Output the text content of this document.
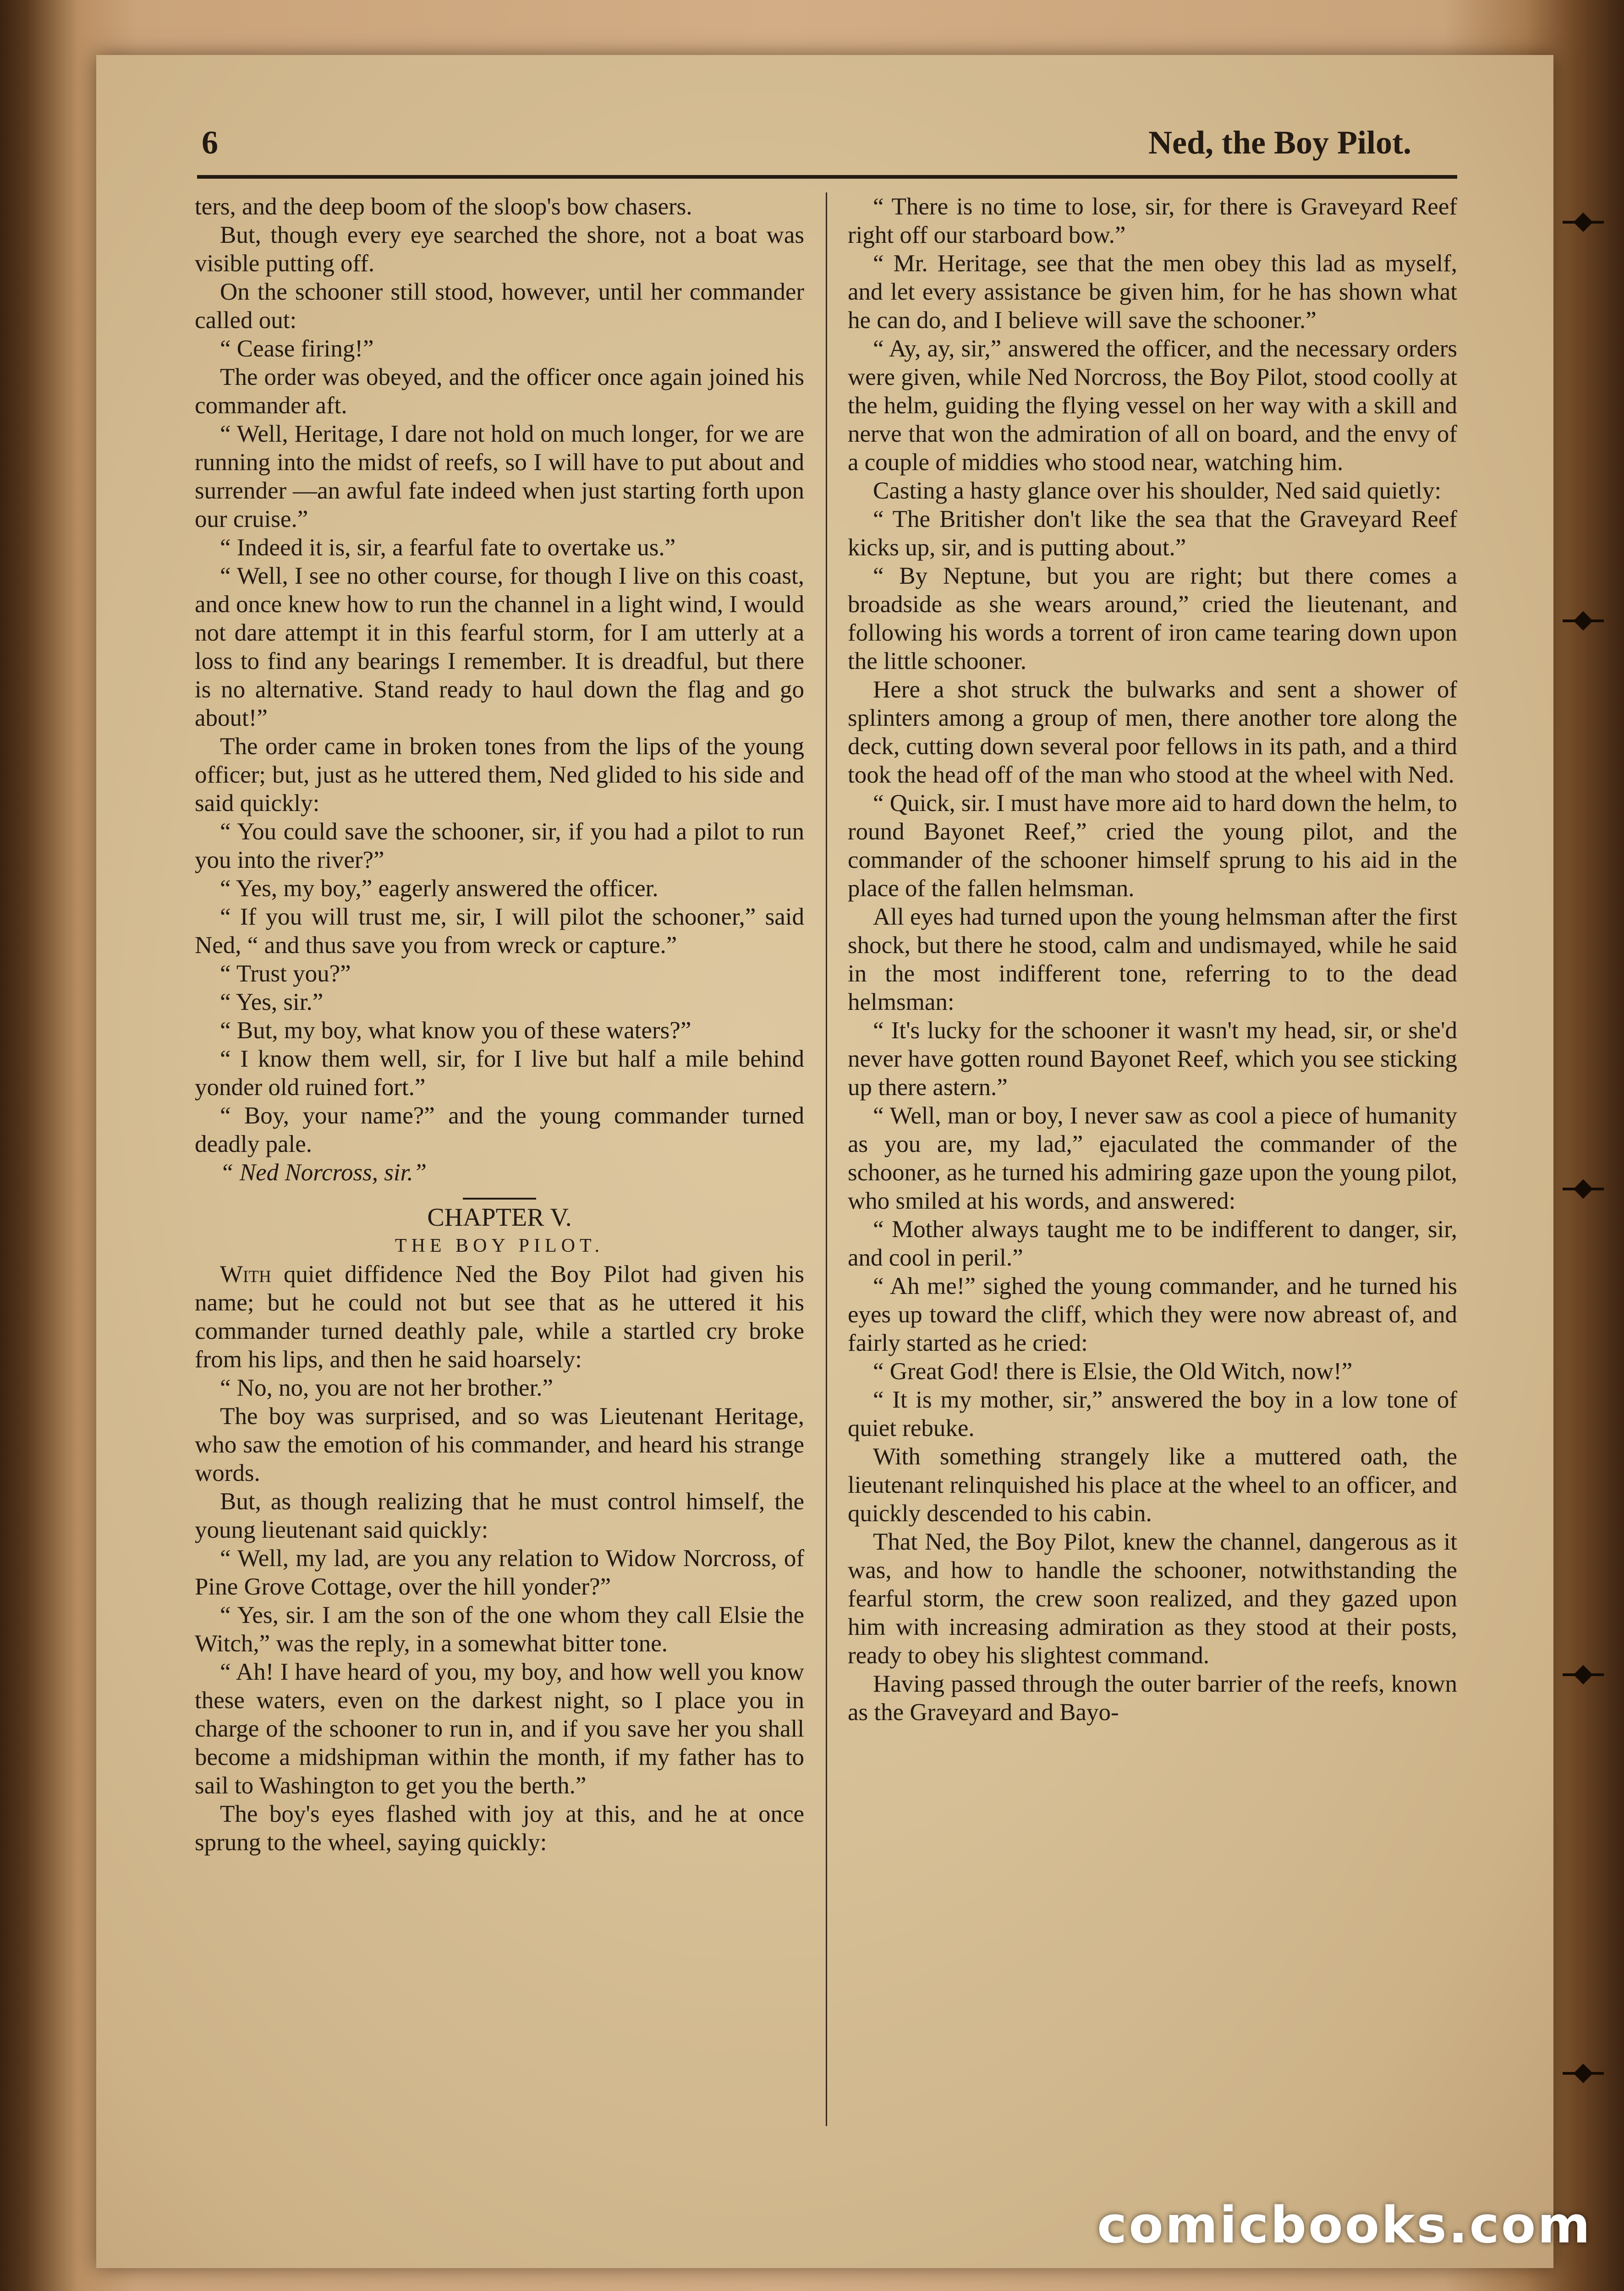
6	Ned, the Boy Pilot.

ters, and the deep boom of the sloop's bow chasers.

But, though every eye searched the shore, not a boat was visible putting off.

On the schooner still stood, however, until her commander called out:

“ Cease firing!”

The order was obeyed, and the officer once again joined his commander aft.

“ Well, Heritage, I dare not hold on much longer, for we are running into the midst of reefs, so I will have to put about and surrender —an awful fate indeed when just starting forth upon our cruise.”

“ Indeed it is, sir, a fearful fate to overtake us.”

“ Well, I see no other course, for though I live on this coast, and once knew how to run the channel in a light wind, I would not dare attempt it in this fearful storm, for I am utterly at a loss to find any bearings I remember. It is dreadful, but there is no alternative. Stand ready to haul down the flag and go about!”

The order came in broken tones from the lips of the young officer; but, just as he uttered them, Ned glided to his side and said quickly:

“ You could save the schooner, sir, if you had a pilot to run you into the river?”

“ Yes, my boy,” eagerly answered the officer.

“ If you will trust me, sir, I will pilot the schooner,” said Ned, “ and thus save you from wreck or capture.”

“ Trust you?”

“ Yes, sir.”

“ But, my boy, what know you of these waters?”

“ I know them well, sir, for I live but half a mile behind yonder old ruined fort.”

“ Boy, your name?” and the young commander turned deadly pale.

“ Ned Norcross, sir.”

CHAPTER V.

THE BOY PILOT.

With quiet diffidence Ned the Boy Pilot had given his name; but he could not but see that as he uttered it his commander turned deathly pale, while a startled cry broke from his lips, and then he said hoarsely:

“ No, no, you are not her brother.”

The boy was surprised, and so was Lieutenant Heritage, who saw the emotion of his commander, and heard his strange words.

But, as though realizing that he must control himself, the young lieutenant said quickly:

“ Well, my lad, are you any relation to Widow Norcross, of Pine Grove Cottage, over the hill yonder?”

“ Yes, sir. I am the son of the one whom they call Elsie the Witch,” was the reply, in a somewhat bitter tone.

“ Ah! I have heard of you, my boy, and how well you know these waters, even on the darkest night, so I place you in charge of the schooner to run in, and if you save her you shall become a midshipman within the month, if my father has to sail to Washington to get you the berth.”

The boy's eyes flashed with joy at this, and he at once sprung to the wheel, saying quickly:

“ There is no time to lose, sir, for there is Graveyard Reef right off our starboard bow.”

“ Mr. Heritage, see that the men obey this lad as myself, and let every assistance be given him, for he has shown what he can do, and I believe will save the schooner.”

“ Ay, ay, sir,” answered the officer, and the necessary orders were given, while Ned Norcross, the Boy Pilot, stood coolly at the helm, guiding the flying vessel on her way with a skill and nerve that won the admiration of all on board, and the envy of a couple of middies who stood near, watching him.

Casting a hasty glance over his shoulder, Ned said quietly:

“ The Britisher don't like the sea that the Graveyard Reef kicks up, sir, and is putting about.”

“ By Neptune, but you are right; but there comes a broadside as she wears around,” cried the lieutenant, and following his words a torrent of iron came tearing down upon the little schooner.

Here a shot struck the bulwarks and sent a shower of splinters among a group of men, there another tore along the deck, cutting down several poor fellows in its path, and a third took the head off of the man who stood at the wheel with Ned.

“ Quick, sir. I must have more aid to hard down the helm, to round Bayonet Reef,” cried the young pilot, and the commander of the schooner himself sprung to his aid in the place of the fallen helmsman.

All eyes had turned upon the young helmsman after the first shock, but there he stood, calm and undismayed, while he said in the most indifferent tone, referring to to the dead helmsman:

“ It's lucky for the schooner it wasn't my head, sir, or she'd never have gotten round Bayonet Reef, which you see sticking up there astern.”

“ Well, man or boy, I never saw as cool a piece of humanity as you are, my lad,” ejaculated the commander of the schooner, as he turned his admiring gaze upon the young pilot, who smiled at his words, and answered:

“ Mother always taught me to be indifferent to danger, sir, and cool in peril.”

“ Ah me!” sighed the young commander, and he turned his eyes up toward the cliff, which they were now abreast of, and fairly started as he cried:

“ Great God! there is Elsie, the Old Witch, now!”

“ It is my mother, sir,” answered the boy in a low tone of quiet rebuke.

With something strangely like a muttered oath, the lieutenant relinquished his place at the wheel to an officer, and quickly descended to his cabin.

That Ned, the Boy Pilot, knew the channel, dangerous as it was, and how to handle the schooner, notwithstanding the fearful storm, the crew soon realized, and they gazed upon him with increasing admiration as they stood at their posts, ready to obey his slightest command.

Having passed through the outer barrier of the reefs, known as the Graveyard and Bayo-

comicbooks.com
